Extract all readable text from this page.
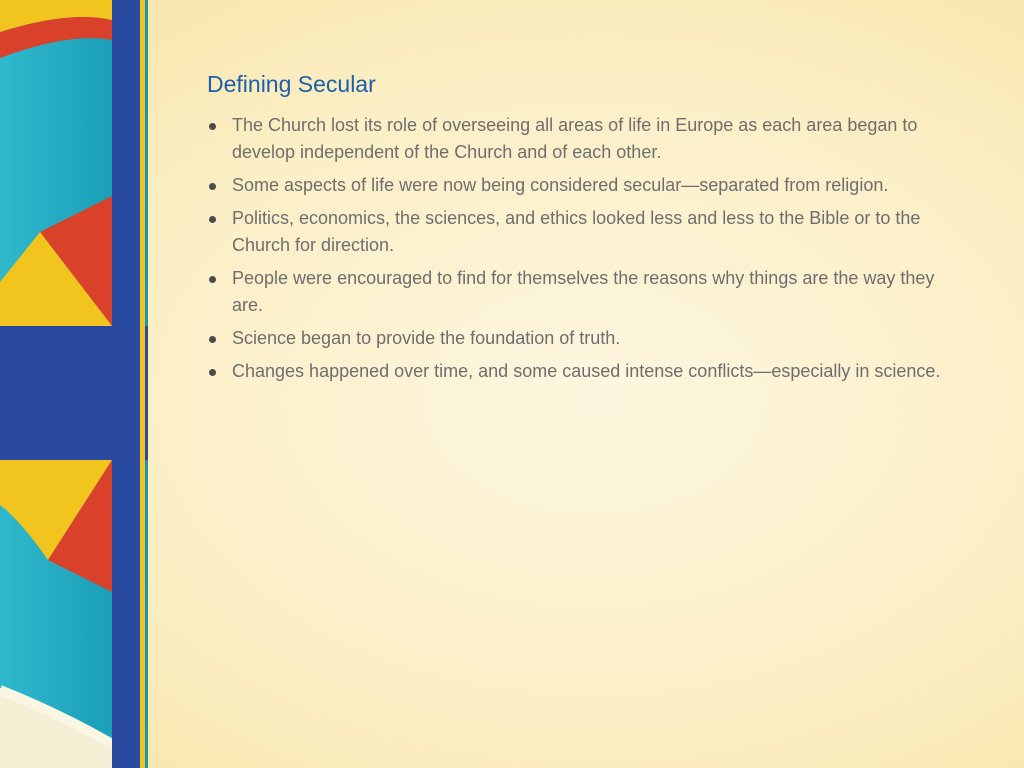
Defining Secular
The Church lost its role of overseeing all areas of life in Europe as each area began to develop independent of the Church and of each other.
Some aspects of life were now being considered secular—separated from religion.
Politics, economics, the sciences, and ethics looked less and less to the Bible or to the Church for direction.
People were encouraged to find for themselves the reasons why things are the way they are.
Science began to provide the foundation of truth.
Changes happened over time, and some caused intense conflicts—especially in science.
